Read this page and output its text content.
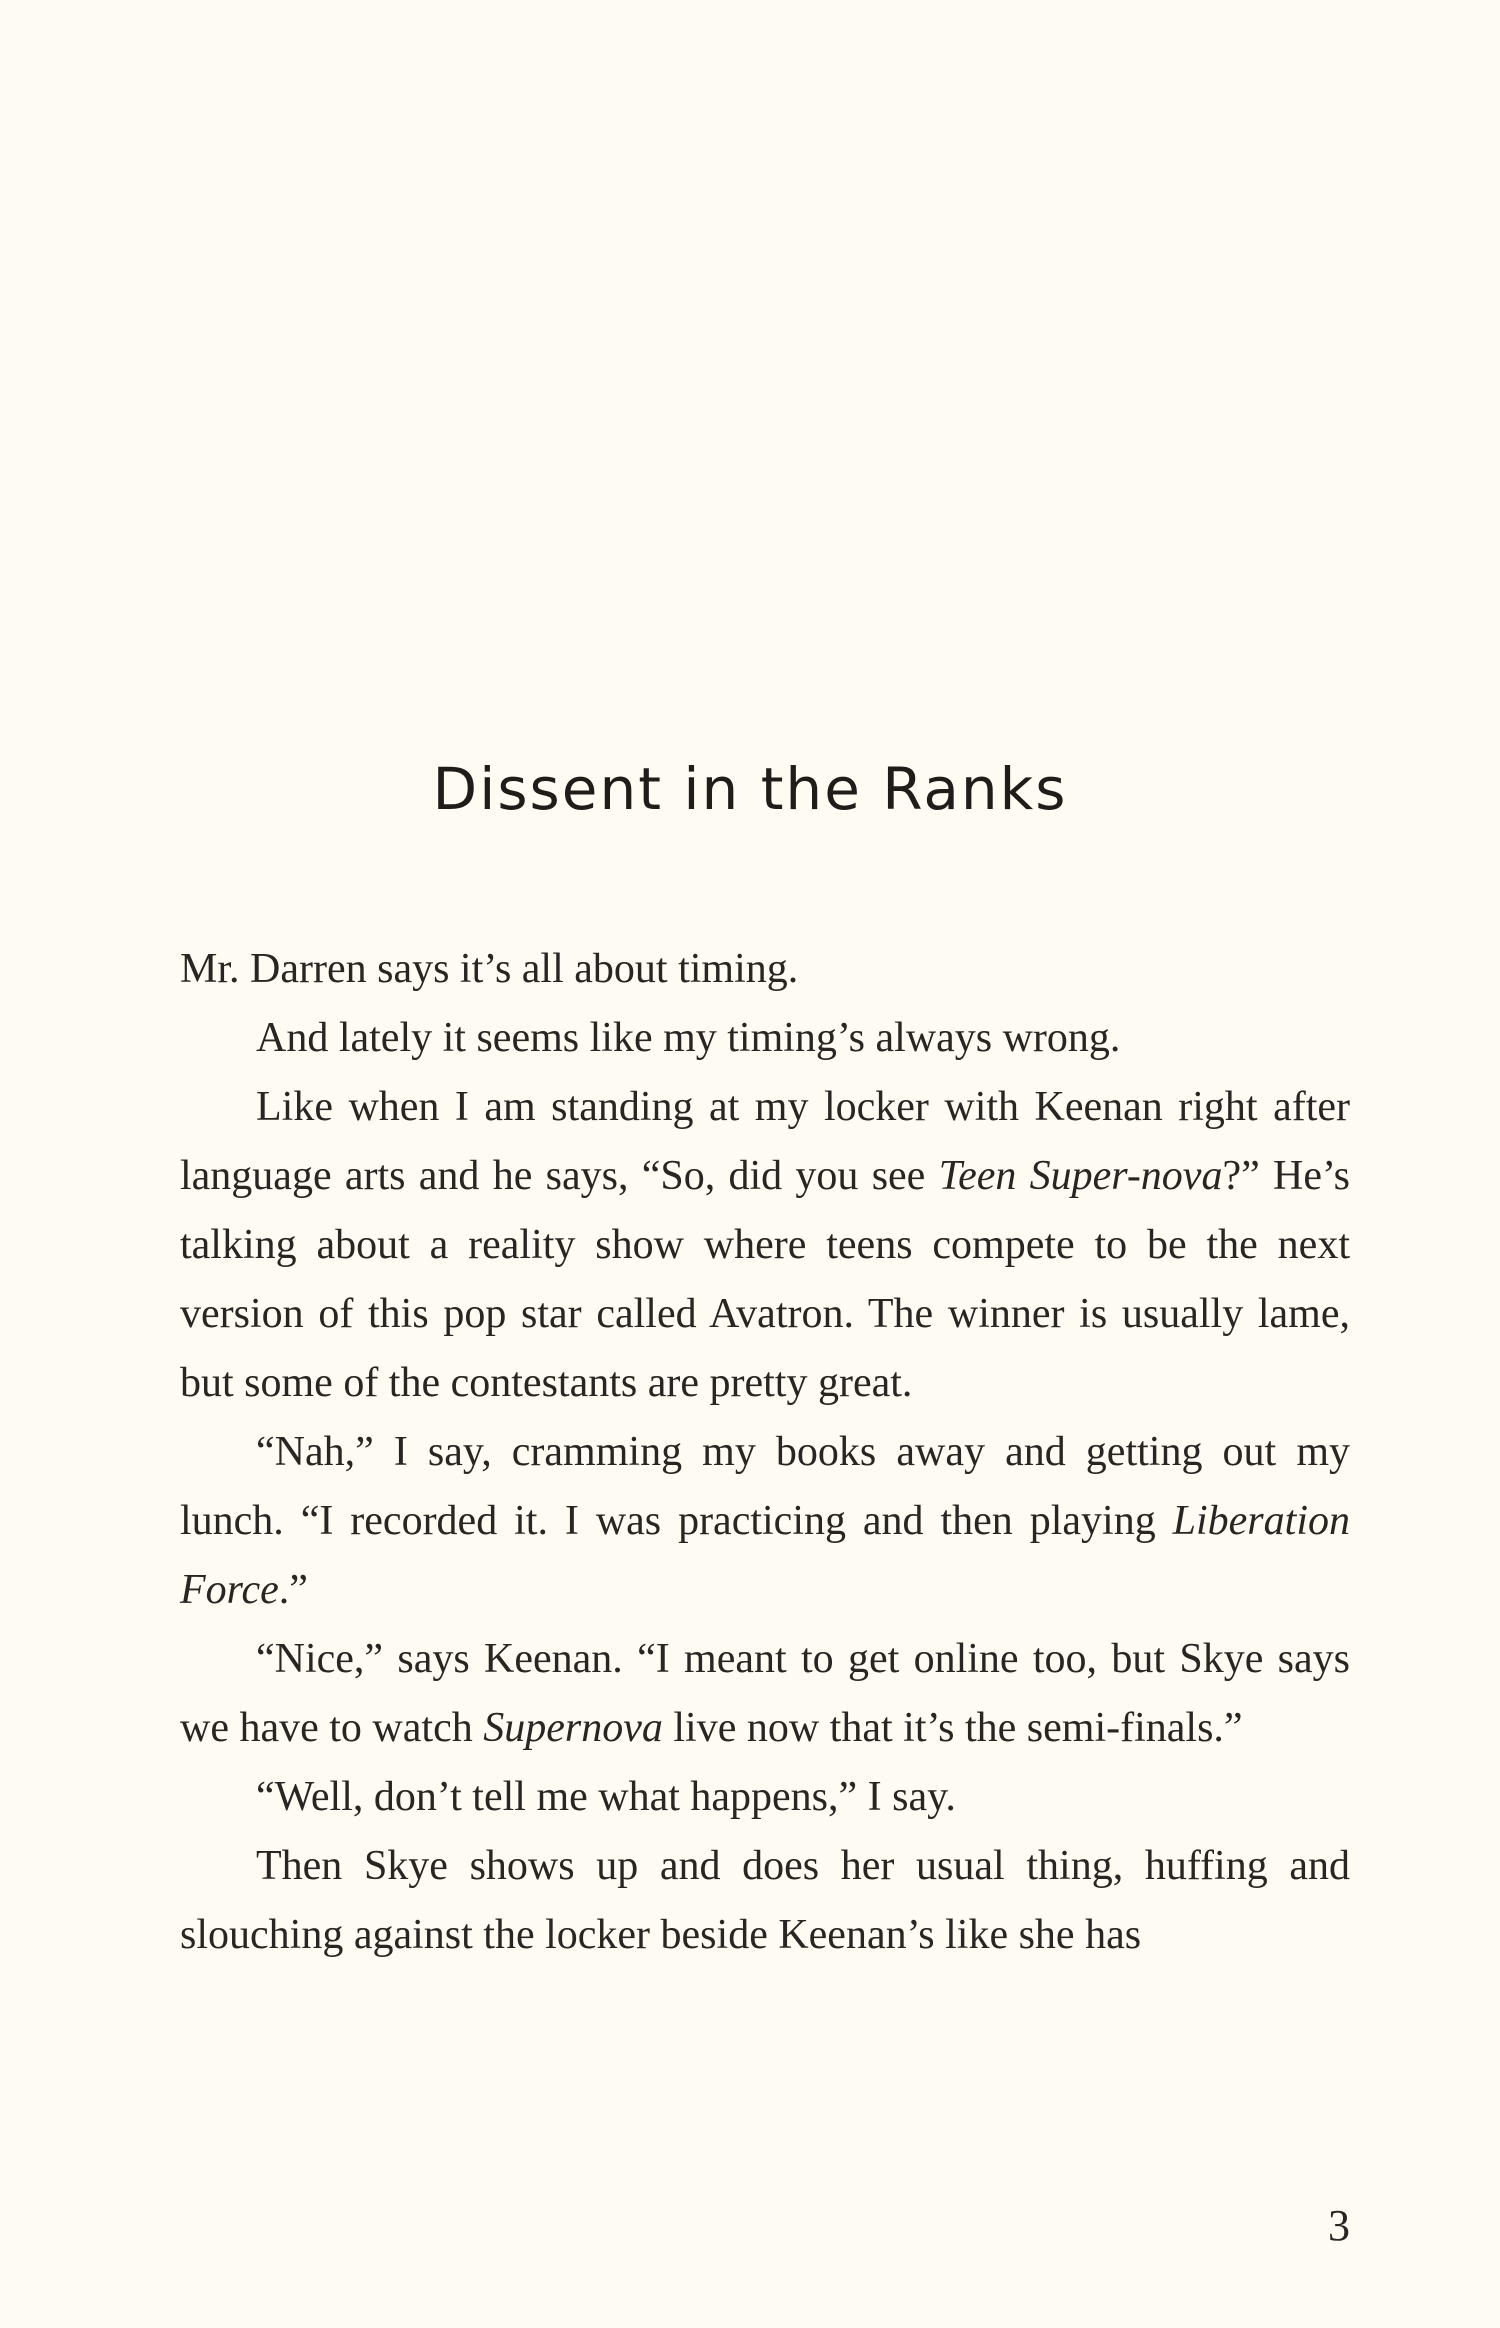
Dissent in the Ranks

Mr. Darren says it’s all about timing.

And lately it seems like my timing’s always wrong.

Like when I am standing at my locker with Keenan right after language arts and he says, “So, did you see Teen Super-nova?” He’s talking about a reality show where teens compete to be the next version of this pop star called Avatron. The winner is usually lame, but some of the contestants are pretty great.

“Nah,” I say, cramming my books away and getting out my lunch. “I recorded it. I was practicing and then playing Liberation Force.”

“Nice,” says Keenan. “I meant to get online too, but Skye says we have to watch Supernova live now that it’s the semi-finals.”

“Well, don’t tell me what happens,” I say.

Then Skye shows up and does her usual thing, huffing and slouching against the locker beside Keenan’s like she has

3
